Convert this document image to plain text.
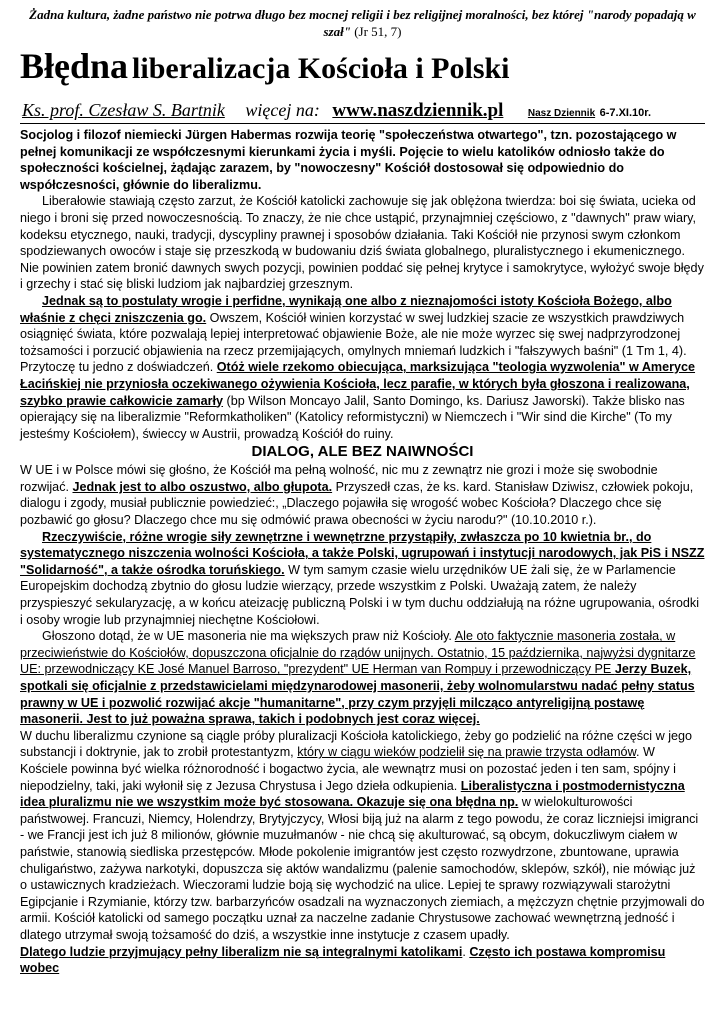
Żadna kultura, żadne państwo nie potrwa długo bez mocnej religii i bez religijnej moralności, bez której "narody popadają w szał" (Jr 51, 7)
Błędna liberalizacja Kościoła i Polski
Ks. prof. Czesław S. Bartnik więcej na: www.naszdziennik.pl Nasz Dziennik 6-7.XI.10r.

Socjolog i filozof niemiecki Jürgen Habermas rozwija teorię "społeczeństwa otwartego", tzn. pozostającego w pełnej komunikacji ze współczesnymi kierunkami życia i myśli. Pojęcie to wielu katolików odniosło także do społeczności kościelnej, żądając zarazem, by "nowoczesny" Kościół dostosował się odpowiednio do współczesności, głównie do liberalizmu.

Liberałowie stawiają często zarzut, że Kościół katolicki zachowuje się jak oblężona twierdza: boi się świata, ucieka od niego i broni się przed nowoczesnością. To znaczy, że nie chce ustąpić, przynajmniej częściowo, z "dawnych" praw wiary, kodeksu etycznego, nauki, tradycji, dyscypliny prawnej i sposobów działania. Taki Kościół nie przynosi swym członkom spodziewanych owoców i staje się przeszkodą w budowaniu dziś świata globalnego, pluralistycznego i ekumenicznego. Nie powinien zatem bronić dawnych swych pozycji, powinien poddać się pełnej krytyce i samokrytyce, wyłożyć swoje błędy i grzechy i stać się bliski ludziom jak najbardziej grzesznym.

Jednak są to postulaty wrogie i perfidne, wynikają one albo z nieznajomości istoty Kościoła Bożego, albo właśnie z chęci zniszczenia go. Owszem, Kościół winien korzystać w swej ludzkiej szacie ze wszystkich prawdziwych osiągnięć świata, które pozwalają lepiej interpretować objawienie Boże, ale nie może wyrzec się swej nadprzyrodzonej tożsamości i porzucić objawienia na rzecz przemijających, omylnych mniemań ludzkich i "fałszywych baśni" (1 Tm 1, 4). Przytoczę tu jedno z doświadczeń. Otóż wiele rzekomo obiecująca, marksizująca "teologia wyzwolenia" w Ameryce Łacińskiej nie przyniosła oczekiwanego ożywienia Kościoła, lecz parafie, w których była głoszona i realizowana, szybko prawie całkowicie zamarły (bp Wilson Moncayo Jalil, Santo Domingo, ks. Dariusz Jaworski). Także blisko nas opierający się na liberalizmie "Reformkatholiken" (Katolicy reformistyczni) w Niemczech i "Wir sind die Kirche" (To my jesteśmy Kościołem), świeccy w Austrii, prowadzą Kościół do ruiny.

DIALOG, ALE BEZ NAIWNOŚCI

W UE i w Polsce mówi się głośno, że Kościół ma pełną wolność, nic mu z zewnątrz nie grozi i może się swobodnie rozwijać. Jednak jest to albo oszustwo, albo głupota. Przyszedł czas, że ks. kard. Stanisław Dziwisz, człowiek pokoju, dialogu i zgody, musiał publicznie powiedzieć:, „Dlaczego pojawiła się wrogość wobec Kościoła? Dlaczego chce się pozbawić go głosu? Dlaczego chce mu się odmówić prawa obecności w życiu narodu?" (10.10.2010 r.).

Rzeczywiście, różne wrogie siły zewnętrzne i wewnętrzne przystąpiły, zwłaszcza po 10 kwietnia br., do systematycznego niszczenia wolności Kościoła, a także Polski, ugrupowań i instytucji narodowych, jak PiS i NSZZ "Solidarność", a także ośrodka toruńskiego. W tym samym czasie wielu urzędników UE żali się, że w Parlamencie Europejskim dochodzą zbytnio do głosu ludzie wierzący, przede wszystkim z Polski. Uważają zatem, że należy przyspieszyć sekularyzację, a w końcu ateizację publiczną Polski i w tym duchu oddziałują na różne ugrupowania, ośrodki i osoby wrogie lub przynajmniej niechętne Kościołowi.

Głoszono dotąd, że w UE masoneria nie ma większych praw niż Kościoły. Ale oto faktycznie masoneria została, w przeciwieństwie do Kościołów, dopuszczona oficjalnie do rządów unijnych. Ostatnio, 15 października, najwyżsi dygnitarze UE: przewodniczący KE José Manuel Barroso, "prezydent" UE Herman van Rompuy i przewodniczący PE Jerzy Buzek, spotkali się oficjalnie z przedstawicielami międzynarodowej masonerii, żeby wolnomularstwu nadać pełny status prawny w UE i pozwolić rozwijać akcje "humanitarne", przy czym przyjęli milcząco antyreligijną postawę masonerii. Jest to już poważna sprawa, takich i podobnych jest coraz więcej.

W duchu liberalizmu czynione są ciągle próby pluralizacji Kościoła katolickiego, żeby go podzielić na różne części w jego substancji i doktrynie, jak to zrobił protestantyzm, który w ciągu wieków podzielił się na prawie trzysta odłamów. W Kościele powinna być wielka różnorodność i bogactwo życia, ale wewnątrz musi on pozostać jeden i ten sam, spójny i niepodzielny, taki, jaki wyłonił się z Jezusa Chrystusa i Jego dzieła odkupienia. Liberalistyczna i postmodernistyczna idea pluralizmu nie we wszystkim może być stosowana. Okazuje się ona błędna np. w wielokulturowości państwowej. Francuzi, Niemcy, Holendrzy, Brytyjczycy, Włosi biją już na alarm z tego powodu, że coraz liczniejsi imigranci - we Francji jest ich już 8 milionów, głównie muzułmanów - nie chcą się akulturować, są obcym, dokuczliwym ciałem w państwie, stanowią siedliska przestępców. Młode pokolenie imigrantów jest często rozwydrzone, zbuntowane, uprawia chuligaństwo, zażywa narkotyki, dopuszcza się aktów wandalizmu (palenie samochodów, sklepów, szkół), nie mówiąc już o ustawicznych kradzieżach. Wieczorami ludzie boją się wychodzić na ulice. Lepiej te sprawy rozwiązywali starożytni Egipcjanie i Rzymianie, którzy tzw. barbarzyńców osadzali na wyznaczonych ziemiach, a mężczyzn chętnie przyjmowali do armii. Kościół katolicki od samego początku uznał za naczelne zadanie Chrystusowe zachować wewnętrzną jedność i dlatego utrzymał swoją tożsamość do dziś, a wszystkie inne instytucje z czasem upadły.

Dlatego ludzie przyjmujący pełny liberalizm nie są integralnymi katolikami. Często ich postawa kompromisu wobec
